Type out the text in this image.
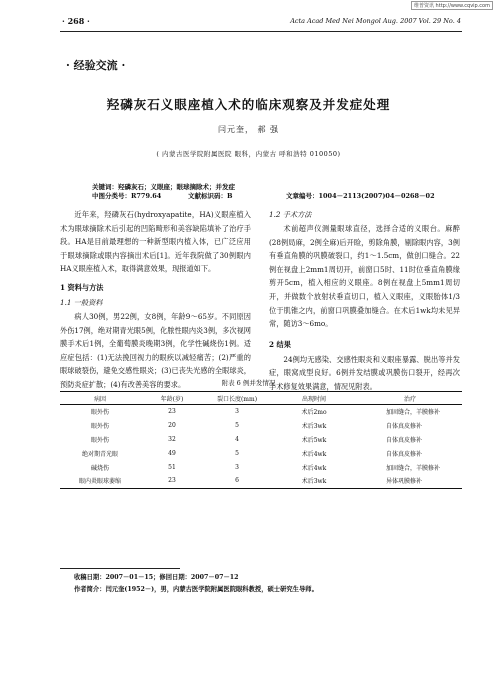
维普资讯 http://www.cqvip.com
· 268 ·	Acta Acad Med Nei Mongol Aug. 2007 Vol. 29 No. 4
· 经验交流 ·
羟磷灰石义眼座植入术的临床观察及并发症处理
闫元奎， 郝 强
( 内蒙古医学院附属医院 眼科，内蒙古 呼和浩特 010050)
关键词：羟磷灰石；义眼座；眼球摘除术；并发症
中图分类号：R779.64	文献标识码：B	文章编号：1004－2113(2007)04－0268－02

近年来，羟磷灰石(hydroxyapatite，HA)义眼座植入术为眼球摘除术后引起的凹陷畸形和美容缺陷填补了治疗手段。HA是目前最理想的一种新型眼内植入体，已广泛应用于眼球摘除或眼内容摘出术后[1]。近年我院做了30例眼内HA义眼座植入术，取得满意效果，现报道如下。

1 资料与方法

1.1 一般资料

病人30例，男22例，女8例，年龄9～65岁。不同原因外伤17例，绝对期青光眼5例，化脓性眼内炎3例，多次视网膜手术后1例，全葡萄膜炎晚期3例，化学性碱烧伤1例。适应症包括：(1)无法挽回视力的眼疾以减轻痛苦；(2)严重的眼球破裂伤，避免交感性眼炎；(3)已丧失光感的全眼球炎，预防炎症扩散；(4)有改善美容的要求。

1.2 手术方法

术前超声仪测量眼球直径，选择合适的义眼台。麻醉(28例局麻，2例全麻)后开睑，剪除角膜，剔除眼内容，3例有垂直角膜的巩膜破裂口，约1～1.5cm，做创口缝合。22例在视盘上2mm1周切开，前窗口5时、11时位垂直角膜缘剪开5cm，植入相应的义眼座。8例在视盘上5mm1周切开，并做数个放射状垂直切口，植入义眼座，义眼胎体1/3位于肌锥之内，前窗口巩膜叠加缝合。在术后1wk均未见异常，随访3～6mo。

2 结果

24例均无感染、交感性眼炎和义眼座暴露、脱出等并发症，眼窝成型良好。6例并发结膜或巩膜伤口裂开，经再次手术修复效果满意，情况见附表。

附表 6 例并发情况
病因	年龄(岁)	裂口长度(mm)	出现时间	治疗
眼外伤	23	3	术后2mo	加固缝合，羊膜修补
眼外伤	20	5	术后3wk	自体真皮修补
眼外伤	32	4	术后5wk	自体真皮修补
绝对期青光眼	49	5	术后4wk	自体真皮修补
碱烧伤	51	3	术后4wk	加固缝合，羊膜修补
眼内炎眼球萎缩	23	6	术后3wk	异体巩膜修补
收稿日期：2007－01－15；修回日期：2007－07－12
作者简介：闫元奎(1952－)，男，内蒙古医学院附属医院眼科教授，硕士研究生导师。
